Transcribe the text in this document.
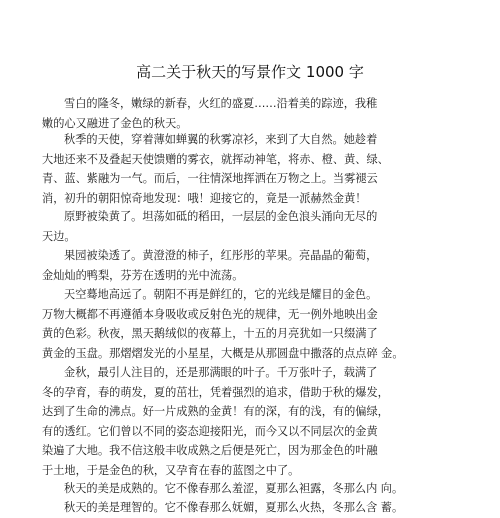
高二关于秋天的写景作文 1000 字
雪白的隆冬，嫩绿的新春，火红的盛夏……沿着美的踪迹，我稚
嫩的心又融进了金色的秋天。
秋季的天使，穿着薄如蝉翼的秋雾凉衫，来到了大自然。她趁着
大地还来不及叠起天使馈赠的雾衣，就挥动神笔，将赤、橙、黄、绿、
青、蓝、紫融为一气。而后，一往情深地挥洒在万物之上。当雾褪云
消，初升的朝阳惊奇地发现：哦！迎接它的，竟是一派赫然金黄！
原野被染黄了。坦荡如砥的稻田，一层层的金色浪头涌向无尽的
天边。
果园被染透了。黄澄澄的柿子，红彤彤的苹果。亮晶晶的葡萄，
金灿灿的鸭梨，芬芳在透明的光中流荡。
天空蓦地高远了。朝阳不再是鲜红的，它的光线是耀目的金色。
万物大概都不再遵循本身吸收或反射色光的规律，无一例外地映出金
黄的色彩。秋夜，黑天鹅绒似的夜幕上，十五的月亮犹如一只缀满了
黄金的玉盘。那熠熠发光的小星星，大概是从那圆盘中撒落的点点碎 金。
金秋，最引人注目的，还是那满眼的叶子。千万张叶子，载满了
冬的孕育，春的萌发，夏的茁壮，凭着强烈的追求，借助于秋的爆发，
达到了生命的沸点。好一片成熟的金黄！有的深，有的浅，有的偏绿，
有的透红。它们曾以不同的姿态迎接阳光，而今又以不同层次的金黄
染遍了大地。我不信这般丰收成熟之后便是死亡，因为那金色的叶融
于土地，于是金色的秋，又孕育在春的蓝图之中了。
秋天的美是成熟的。它不像春那么羞涩，夏那么袒露，冬那么内 向。
秋天的美是理智的。它不像春那么妩媚，夏那么火热，冬那么含 蓄。
